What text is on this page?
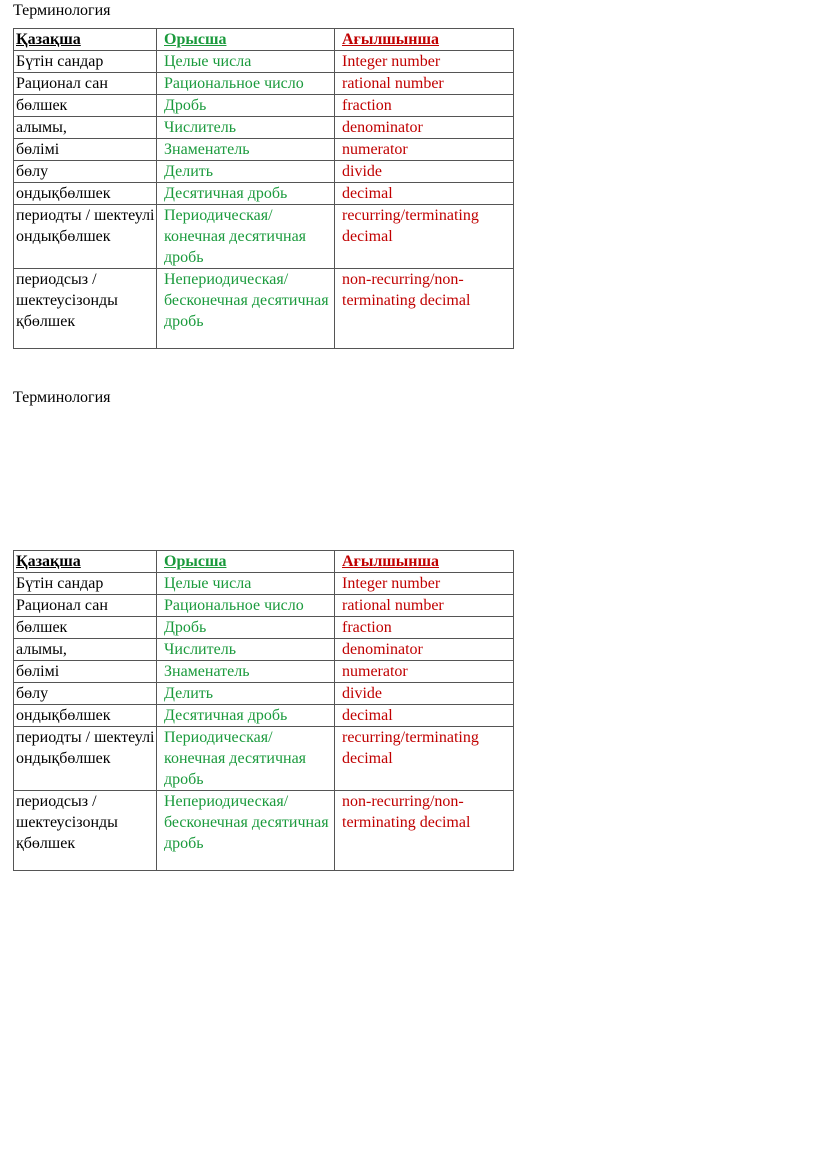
Терминология
Қазақша	Орысша	Ағылшынша
Бүтін сандар	Целые числа	Integer number
Рационал сан	Рациональное число	rational number
бөлшек	Дробь	fraction
алымы,	Числитель	denominator
бөлімі	Знаменатель	numerator
бөлу	Делить	divide
ондықбөлшек	Десятичная дробь	decimal
периодты / шектеулі ондықбөлшек	Периодическая/ конечная десятичная дробь	recurring/terminating decimal
периодсыз /шектеусізонды қбөлшек	Непериодическая/ бесконечная десятичная дробь	non-recurring/non-terminating decimal
Терминология
Қазақша	Орысша	Ағылшынша
Бүтін сандар	Целые числа	Integer number
Рационал сан	Рациональное число	rational number
бөлшек	Дробь	fraction
алымы,	Числитель	denominator
бөлімі	Знаменатель	numerator
бөлу	Делить	divide
ондықбөлшек	Десятичная дробь	decimal
периодты / шектеулі ондықбөлшек	Периодическая/ конечная десятичная дробь	recurring/terminating decimal
периодсыз /шектеусізонды қбөлшек	Непериодическая/ бесконечная десятичная дробь	non-recurring/non-terminating decimal
